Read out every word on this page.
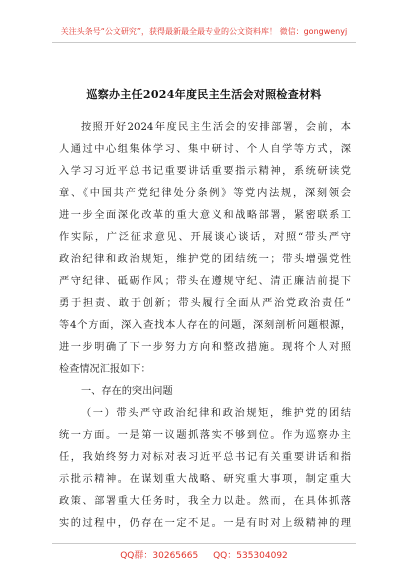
关注头条号“公文研究”，获得最新最全最专业的公文资料库！ 微信：gongwenyj
巡察办主任2024年度民主生活会对照检查材料
按照开好2024年度民主生活会的安排部署，会前，本
人通过中心组集体学习、集中研讨、个人自学等方式，深
入学习习近平总书记重要讲话重要指示精神，系统研读党
章、《中国共产党纪律处分条例》等党内法规，深刻领会
进一步全面深化改革的重大意义和战略部署，紧密联系工
作实际，广泛征求意见、开展谈心谈话，对照“带头严守
政治纪律和政治规矩，维护党的团结统一；带头增强党性
严守纪律、砥砺作风；带头在遵规守纪、清正廉洁前提下
勇于担责、敢于创新；带头履行全面从严治党政治责任”
等4个方面，深入查找本人存在的问题，深刻剖析问题根源，
进一步明确了下一步努力方向和整改措施。现将个人对照
检查情况汇报如下：
一、存在的突出问题
（一）带头严守政治纪律和政治规矩，维护党的团结
统一方面。一是第一议题抓落实不够到位。作为巡察办主
任，我始终努力对标对表习近平总书记有关重要讲话和指
示批示精神。在谋划重大战略、研究重大事项，制定重大
政策、部署重大任务时，我全力以赴。然而，在具体抓落
实的过程中，仍存在一定不足。一是有时对上级精神的理
QQ群：30265665 QQ：535304092
